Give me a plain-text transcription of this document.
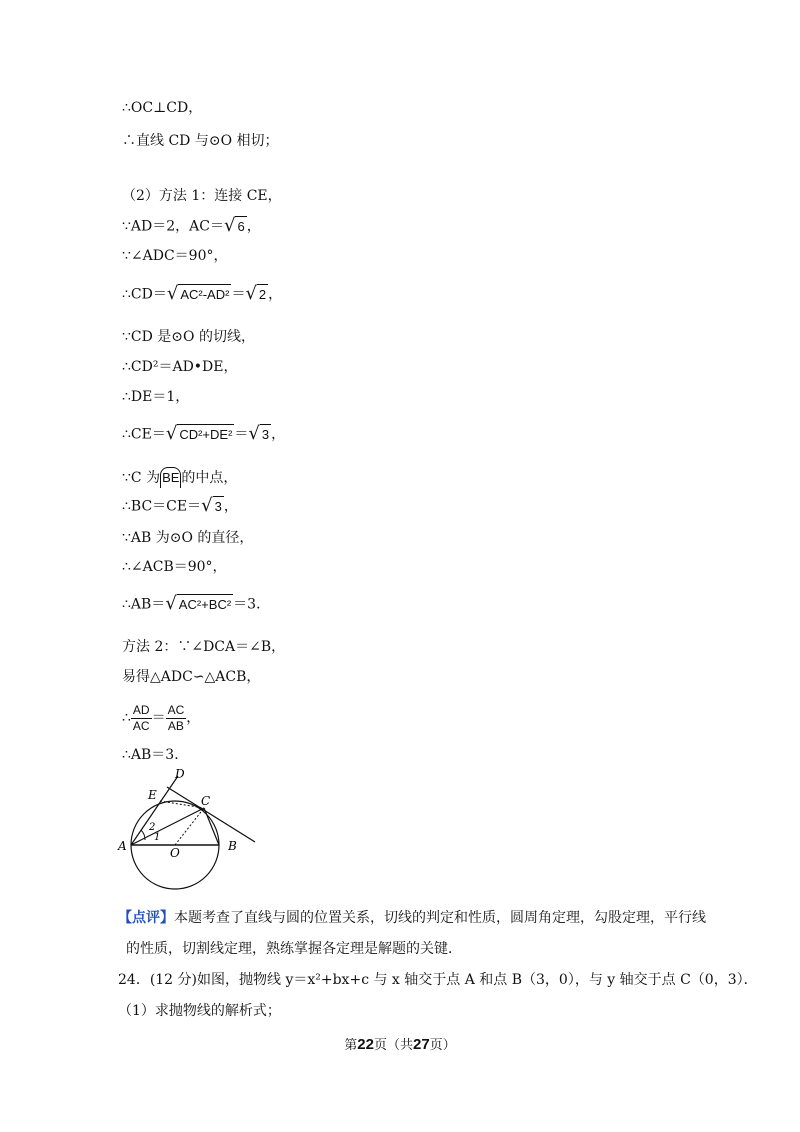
∴OC⊥CD，
∴直线 CD 与⊙O 相切；
（2）方法 1：连接 CE，
∵AD＝2，AC＝√ 6 ，
∵∠ADC＝90°，
∴CD＝√ AC²-AD² ＝√ 2 ，
∵CD 是⊙O 的切线，
∴CD²＝AD•DE，
∴DE＝1，
∴CE＝√ CD²+DE² ＝√ 3 ，
∵C 为 BE 的中点，
∴BC＝CE＝√ 3 ，
∵AB 为⊙O 的直径，
∴∠ACB＝90°，
∴AB＝√ AC²+BC² ＝3．
方法 2：∵∠DCA＝∠B，
易得△ADC∽△ACB，
∴ $\frac{AD}{AC} = \frac{AC}{AB}$ ，
∴AB＝3．
D
E	C
2
1
A	O	B
【点评】本题考查了直线与圆的位置关系，切线的判定和性质，圆周角定理，勾股定理，平行线
的性质，切割线定理，熟练掌握各定理是解题的关键．
24．(12 分)如图，抛物线 y＝x²+bx+c 与 x 轴交于点 A 和点 B（3，0），与 y 轴交于点 C（0，3）．
（1）求抛物线的解析式；
第22页（共27页）
